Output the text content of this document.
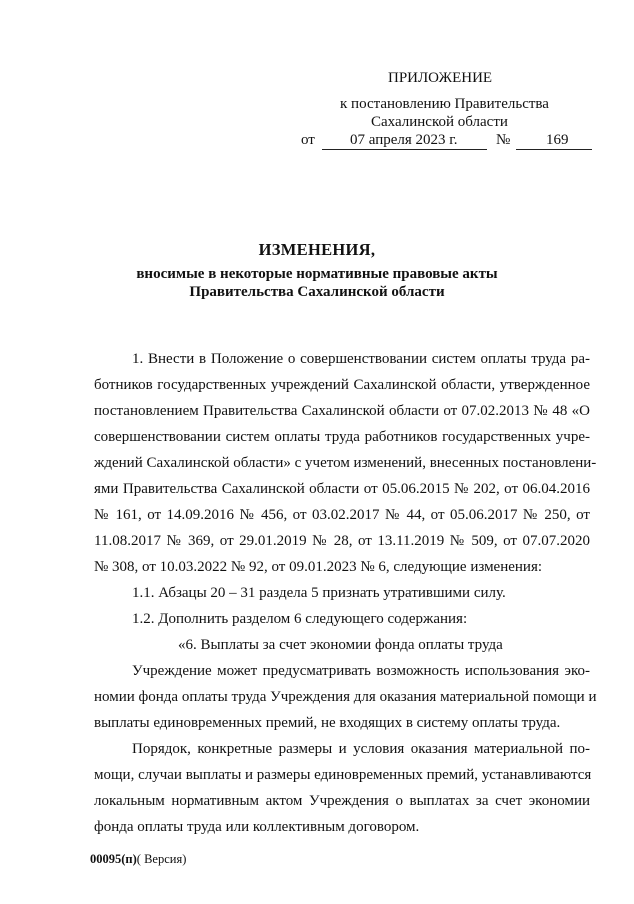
ПРИЛОЖЕНИЕ
к постановлению Правительства
Сахалинской области
от 07 апреля 2023 г.	№ 169
ИЗМЕНЕНИЯ,
вносимые в некоторые нормативные правовые акты
Правительства Сахалинской области
1. Внести в Положение о совершенствовании систем оплаты труда ра-
ботников государственных учреждений Сахалинской области, утвержденное
постановлением Правительства Сахалинской области от 07.02.2013 № 48 «О
совершенствовании систем оплаты труда работников государственных учре-
ждений Сахалинской области» с учетом изменений, внесенных постановлени-
ями Правительства Сахалинской области от 05.06.2015 № 202, от 06.04.2016
№ 161, от 14.09.2016 № 456, от 03.02.2017 № 44, от 05.06.2017 № 250, от
11.08.2017 № 369, от 29.01.2019 № 28, от 13.11.2019 № 509, от 07.07.2020
№ 308, от 10.03.2022 № 92, от 09.01.2023 № 6, следующие изменения:
1.1. Абзацы 20 – 31 раздела 5 признать утратившими силу.
1.2. Дополнить разделом 6 следующего содержания:
«6. Выплаты за счет экономии фонда оплаты труда
Учреждение может предусматривать возможность использования эко-
номии фонда оплаты труда Учреждения для оказания материальной помощи и
выплаты единовременных премий, не входящих в систему оплаты труда.
Порядок, конкретные размеры и условия оказания материальной по-
мощи, случаи выплаты и размеры единовременных премий, устанавливаются
локальным нормативным актом Учреждения о выплатах за счет экономии
фонда оплаты труда или коллективным договором.
00095(п)( Версия)
